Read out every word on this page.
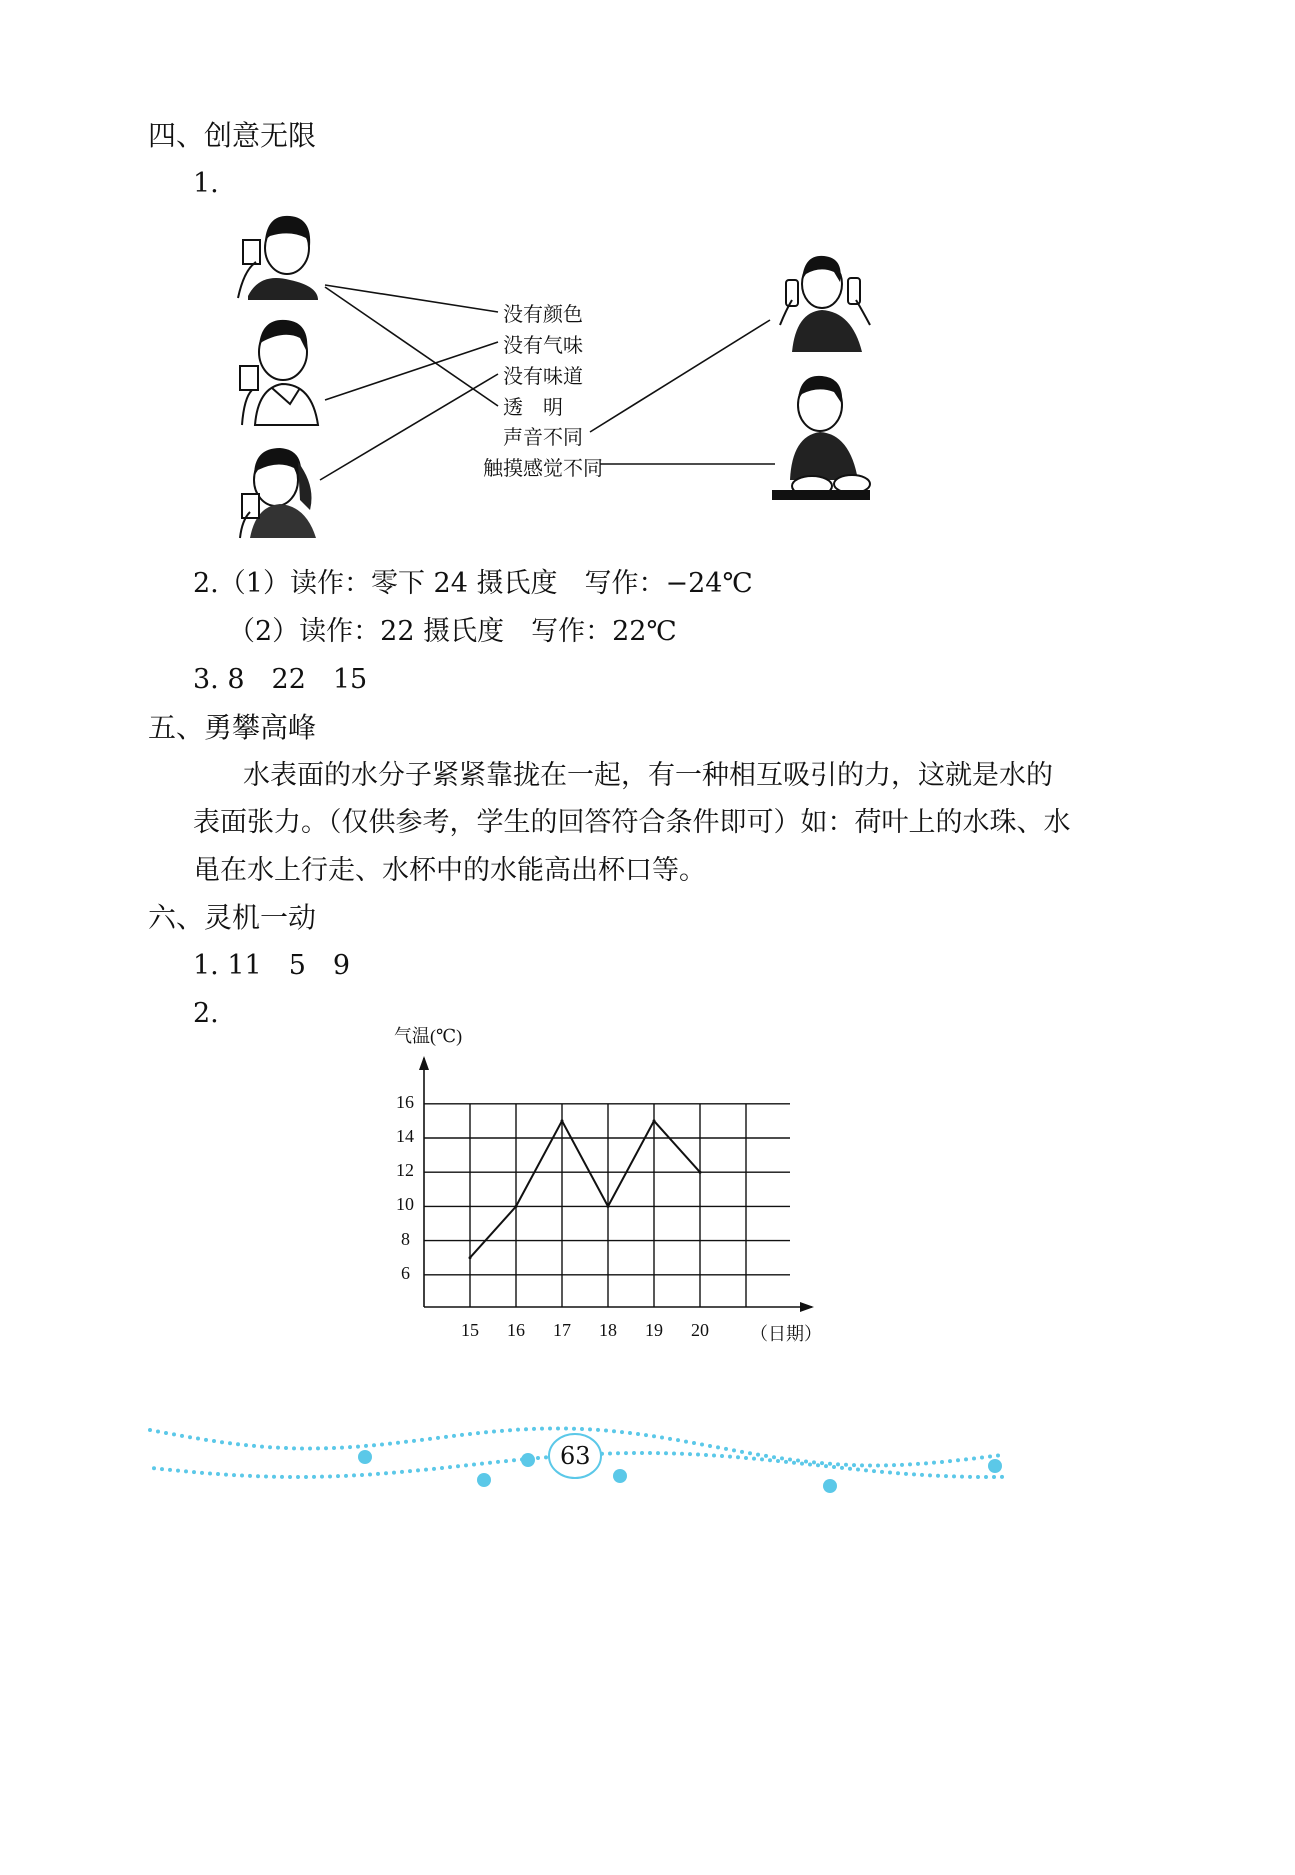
四、创意无限
1.
没有颜色
没有气味
没有味道
透　明
声音不同
触摸感觉不同
2.（1）读作：零下 24 摄氏度　写作：−24℃
（2）读作：22 摄氏度　写作：22℃
3. 8　22　15
五、勇攀高峰
水表面的水分子紧紧靠拢在一起，有一种相互吸引的力，这就是水的
表面张力。（仅供参考，学生的回答符合条件即可）如：荷叶上的水珠、水
黾在水上行走、水杯中的水能高出杯口等。
六、灵机一动
1. 11　5　9
2.
气温(℃)
（日期）
6
8
10
12
14
16
15 16 17 18 19 20
63
